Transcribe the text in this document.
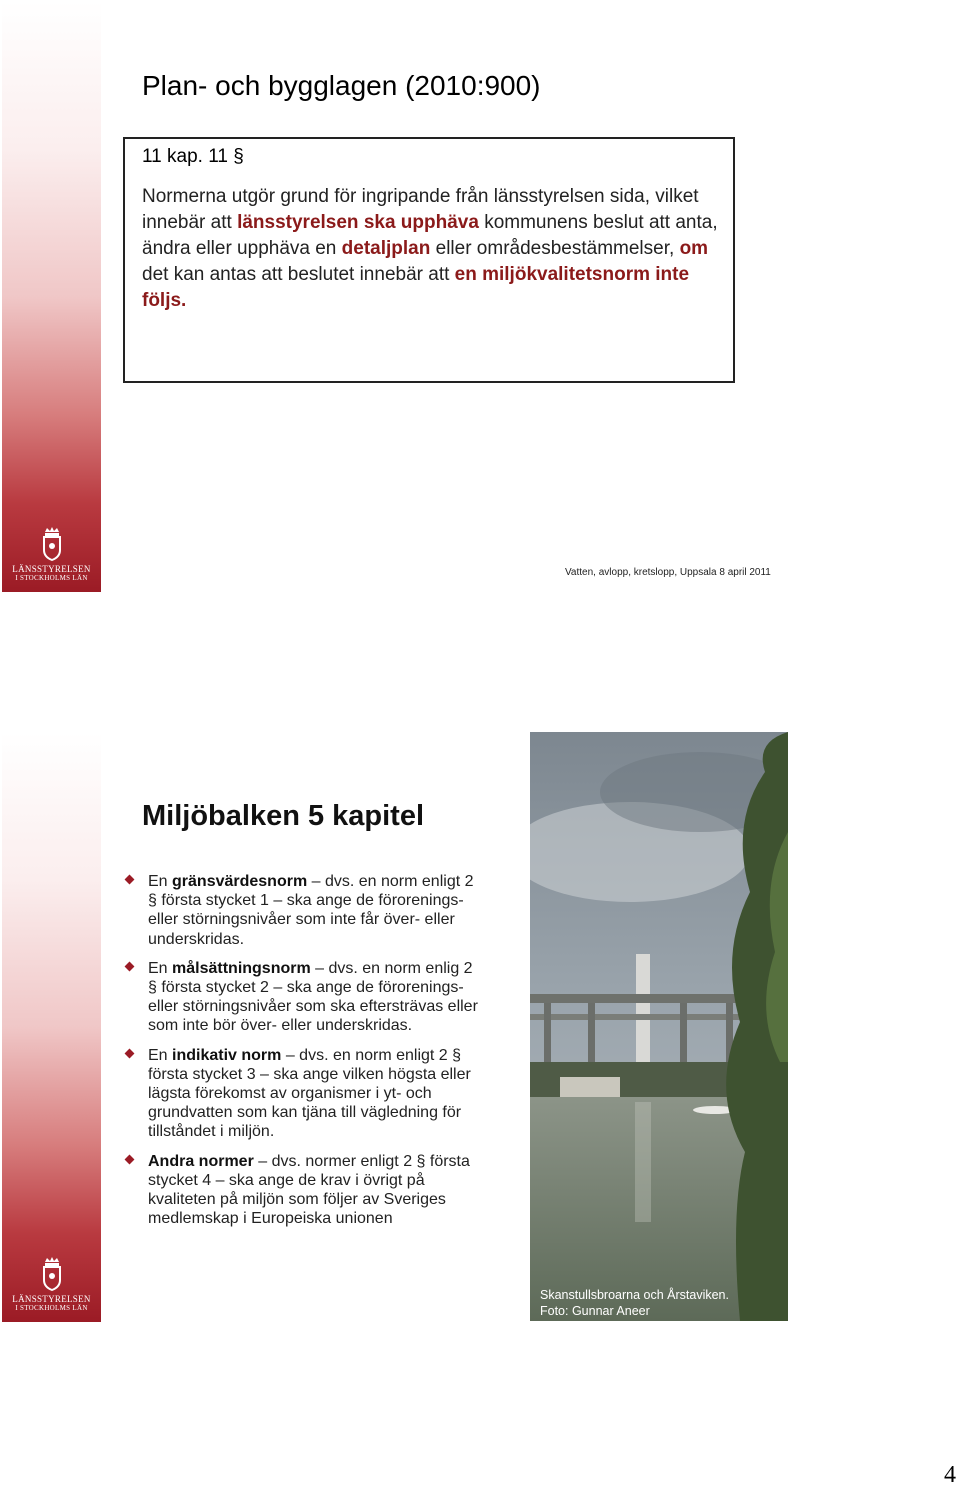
LÄNSSTYRELSEN
I STOCKHOLMS LÄN
Plan- och bygglagen (2010:900)
11 kap. 11 §
Normerna utgör grund för ingripande från länsstyrelsen sida, vilket innebär att länsstyrelsen ska upphäva kommunens beslut att anta, ändra eller upphäva en detaljplan eller områdesbestämmelser, om det kan antas att beslutet innebär att en miljökvalitetsnorm inte följs.
Vatten, avlopp, kretslopp, Uppsala 8 april 2011
LÄNSSTYRELSEN
I STOCKHOLMS LÄN
Miljöbalken 5 kapitel
En gränsvärdesnorm – dvs. en norm enligt 2 § första stycket 1 – ska ange de förorenings- eller störningsnivåer som inte får över- eller underskridas.
En målsättningsnorm – dvs. en norm enlig 2 § första stycket 2 – ska ange de förorenings- eller störningsnivåer som ska eftersträvas eller som inte bör över- eller underskridas.
En indikativ norm – dvs. en norm enligt 2 § första stycket 3 – ska ange vilken högsta eller lägsta förekomst av organismer i yt- och grundvatten som kan tjäna till vägledning för tillståndet i miljön.
Andra normer – dvs. normer enligt 2 § första stycket 4 – ska ange de krav i övrigt på kvaliteten på miljön som följer av Sveriges medlemskap i Europeiska unionen
Skanstullsbroarna och Årstaviken.
Foto: Gunnar Aneer
4
